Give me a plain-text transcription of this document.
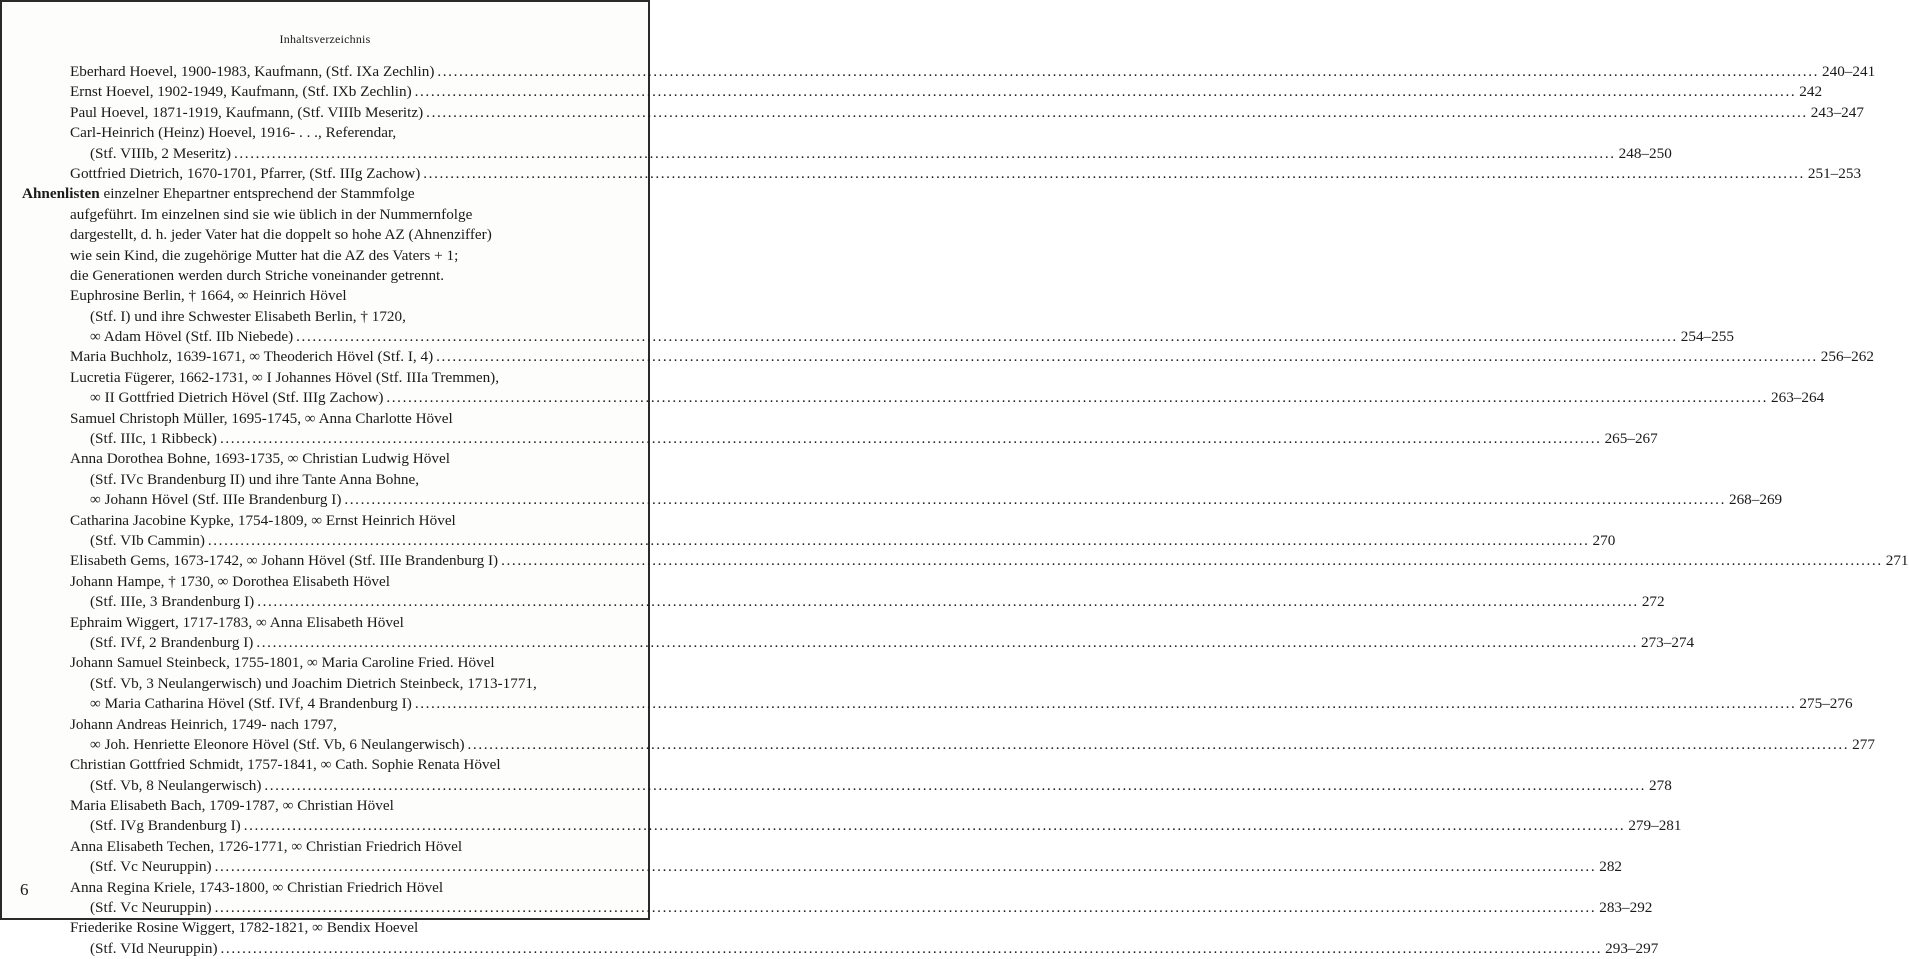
Inhaltsverzeichnis
Eberhard Hoevel, 1900-1983, Kaufmann, (Stf. IXa Zechlin) .....	240–241
Ernst Hoevel, 1902-1949, Kaufmann, (Stf. IXb Zechlin) .....	242
Paul Hoevel, 1871-1919, Kaufmann, (Stf. VIIIb Meseritz) .....	243–247
Carl-Heinrich (Heinz) Hoevel, 1916- . . ., Referendar,
(Stf. VIIIb, 2 Meseritz) .....	248–250
Gottfried Dietrich, 1670-1701, Pfarrer, (Stf. IIIg Zachow) .....	251–253
Ahnenlisten einzelner Ehepartner entsprechend der Stammfolge
aufgeführt. Im einzelnen sind sie wie üblich in der Nummernfolge
dargestellt, d. h. jeder Vater hat die doppelt so hohe AZ (Ahnenziffer)
wie sein Kind, die zugehörige Mutter hat die AZ des Vaters + 1;
die Generationen werden durch Striche voneinander getrennt.
Euphrosine Berlin, † 1664, ∞ Heinrich Hövel
(Stf. I) und ihre Schwester Elisabeth Berlin, † 1720,
∞ Adam Hövel (Stf. IIb Niebede) .....	254–255
Maria Buchholz, 1639-1671, ∞ Theoderich Hövel (Stf. I, 4) .....	256–262
Lucretia Fügerer, 1662-1731, ∞ I Johannes Hövel (Stf. IIIa Tremmen),
∞ II Gottfried Dietrich Hövel (Stf. IIIg Zachow) .....	263–264
Samuel Christoph Müller, 1695-1745, ∞ Anna Charlotte Hövel
(Stf. IIIc, 1 Ribbeck) .....	265–267
Anna Dorothea Bohne, 1693-1735, ∞ Christian Ludwig Hövel
(Stf. IVc Brandenburg II) und ihre Tante Anna Bohne,
∞ Johann Hövel (Stf. IIIe Brandenburg I) .....	268–269
Catharina Jacobine Kypke, 1754-1809, ∞ Ernst Heinrich Hövel
(Stf. VIb Cammin) .....	270
Elisabeth Gems, 1673-1742, ∞ Johann Hövel (Stf. IIIe Brandenburg I) .....	271
Johann Hampe, † 1730, ∞ Dorothea Elisabeth Hövel
(Stf. IIIe, 3 Brandenburg I) .....	272
Ephraim Wiggert, 1717-1783, ∞ Anna Elisabeth Hövel
(Stf. IVf, 2 Brandenburg I) .....	273–274
Johann Samuel Steinbeck, 1755-1801, ∞ Maria Caroline Fried. Hövel
(Stf. Vb, 3 Neulangerwisch) und Joachim Dietrich Steinbeck, 1713-1771,
∞ Maria Catharina Hövel (Stf. IVf, 4 Brandenburg I) .....	275–276
Johann Andreas Heinrich, 1749- nach 1797,
∞ Joh. Henriette Eleonore Hövel (Stf. Vb, 6 Neulangerwisch) .....	277
Christian Gottfried Schmidt, 1757-1841, ∞ Cath. Sophie Renata Hövel
(Stf. Vb, 8 Neulangerwisch) .....	278
Maria Elisabeth Bach, 1709-1787, ∞ Christian Hövel
(Stf. IVg Brandenburg I) .....	279–281
Anna Elisabeth Techen, 1726-1771, ∞ Christian Friedrich Hövel
(Stf. Vc Neuruppin) .....	282
Anna Regina Kriele, 1743-1800, ∞ Christian Friedrich Hövel
(Stf. Vc Neuruppin) .....	283–292
Friederike Rosine Wiggert, 1782-1821, ∞ Bendix Hoevel
(Stf. VId Neuruppin) .....	293–297
6
